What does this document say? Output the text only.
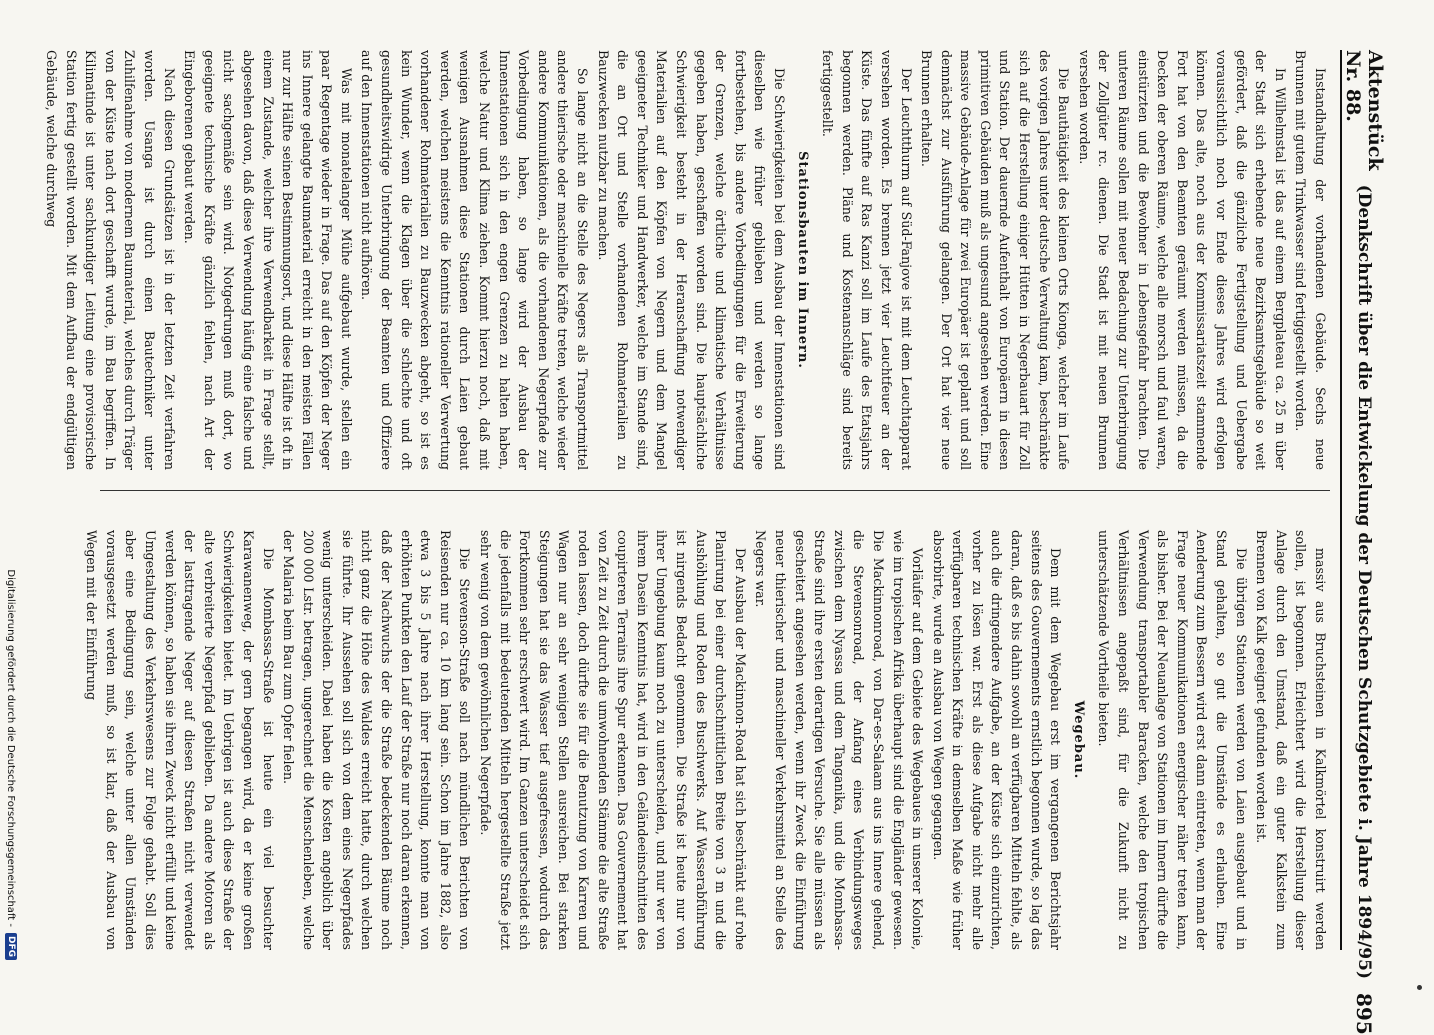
Aktenstück Nr. 88.
(Denkschrift über die Entwickelung der Deutschen Schutzgebiete i. Jahre 1894/95)
895

Instandhaltung der vorhandenen Gebäude. Sechs neue Brunnen mit gutem Trinkwasser sind fertiggestellt worden.

In Wilhelmstal ist das auf einem Bergplateau ca. 25 m über der Stadt sich erhebende neue Bezirksamtsgebäude so weit gefördert, daß die gänzliche Fertigstellung und Uebergabe voraussichtlich noch vor Ende dieses Jahres wird erfolgen können. Das alte, noch aus der Kommissariatszeit stammende Fort hat von den Beamten geräumt werden müssen, da die Decken der oberen Räume, welche alle morsch und faul waren, einstürzten und die Bewohner in Lebensgefahr brachten. Die unteren Räume sollen mit neuer Bedachung zur Unterbringung der Zollgüter rc. dienen. Die Stadt ist mit neuen Brunnen versehen worden.

Die Bauthätigkeit des kleinen Orts Kionga, welcher im Laufe des vorigen Jahres unter deutsche Verwaltung kam, beschränkte sich auf die Herstellung einiger Hütten in Negerbauart für Zoll und Station. Der dauernde Aufenthalt von Europäern in diesen primitiven Gebäuden muß als ungesund angesehen werden. Eine massive Gebäude-Anlage für zwei Europäer ist geplant und soll demnächst zur Ausführung gelangen. Der Ort hat vier neue Brunnen erhalten.

Der Leuchtthurm auf Süd-Fanjove ist mit dem Leuchtapparat versehen worden. Es brennen jetzt vier Leuchtfeuer an der Küste. Das fünfte auf Ras Kanzi soll im Laufe des Etatsjahrs begonnen werden. Pläne und Kostenanschläge sind bereits fertiggestellt.

Stationsbauten im Innern.

Die Schwierigkeiten bei dem Ausbau der Innenstationen sind dieselben wie früher geblieben und werden so lange fortbestehen, bis andere Vorbedingungen für die Erweiterung der Grenzen, welche örtliche und klimatische Verhältnisse gegeben haben, geschaffen worden sind. Die hauptsächliche Schwierigkeit besteht in der Heranschaffung notwendiger Materialien auf den Köpfen von Negern und dem Mangel geeigneter Techniker und Handwerker, welche im Stande sind, die an Ort und Stelle vorhandenen Rohmaterialien zu Bauzwecken nutzbar zu machen.

So lange nicht an die Stelle des Negers als Transportmittel andere thierische oder maschinelle Kräfte treten, welche wieder andere Kommunikationen, als die vorhandenen Negerpfade zur Vorbedingung haben, so lange wird der Ausbau der Innenstationen sich in den engen Grenzen zu halten haben, welche Natur und Klima ziehen. Kommt hierzu noch, daß mit wenigen Ausnahmen diese Stationen durch Laien gebaut werden, welchen meistens die Kenntnis rationeller Verwertung vorhandener Rohmaterialien zu Bauzwecken abgeht, so ist es kein Wunder, wenn die Klagen über die schlechte und oft gesundheitswidrige Unterbringung der Beamten und Offiziere auf den Innenstationen nicht aufhören.

Was mit monatelanger Mühe aufgebaut wurde, stellen ein paar Regentage wieder in Frage. Das auf den Köpfen der Neger ins Innere gelangte Baumaterial erreicht in den meisten Fällen nur zur Hälfte seinen Bestimmungsort, und diese Hälfte ist oft in einem Zustande, welcher ihre Verwendbarkeit in Frage stellt, abgesehen davon, daß diese Verwendung häufig eine falsche und nicht sachgemäße sein wird. Notgedrungen muß dort, wo geeignete technische Kräfte gänzlich fehlen, nach Art der Eingeborenen gebaut werden.

Nach diesen Grundsätzen ist in der letzten Zeit verfahren worden. Usanga ist durch einen Bautechniker unter Zuhilfenahme von modernem Baumaterial, welches durch Träger von der Küste nach dort geschafft wurde, im Bau begriffen. In Kilimatinde ist unter sachkundiger Leitung eine provisorische Station fertig gestellt worden. Mit dem Aufbau der endgültigen Gebäude, welche durchweg

massiv aus Bruchsteinen in Kalkmörtel konstruirt werden sollen, ist begonnen. Erleichtert wird die Herstellung dieser Anlage durch den Umstand, daß ein guter Kalkstein zum Brennen von Kalk geeignet gefunden worden ist.

Die übrigen Stationen werden von Laien ausgebaut und in Stand gehalten, so gut die Umstände es erlauben. Eine Aenderung zum Bessern wird erst dann eintreten, wenn man der Frage neuer Kommunikationen energischer näher treten kann, als bisher. Bei der Neuanlage von Stationen im Innern dürfte die Verwendung transportabler Baracken, welche den tropischen Verhältnissen angepaßt sind, für die Zukunft nicht zu unterschätzende Vortheile bieten.

Wegebau.

Dem mit dem Wegebau erst im vergangenen Berichtsjahr seitens des Gouvernements ernstlich begonnen wurde, so lag das daran, daß es bis dahin sowohl an verfügbaren Mitteln fehlte, als auch die dringendere Aufgabe, an der Küste sich einzurichten, vorher zu lösen war. Erst als diese Aufgabe nicht mehr alle verfügbaren technischen Kräfte in demselben Maße wie früher absorbirte, wurde an Ausbau von Wegen gegangen.

Vorläufer auf dem Gebiete des Wegebaues in unserer Kolonie, wie im tropischen Afrika überhaupt sind die Engländer gewesen. Die Mackinnonroad, von Dar-es-Salaam aus ins Innere gehend, die Stevensonroad, der Anfang eines Verbindungsweges zwischen dem Nyassa und dem Tanganika, und die Mombassa-Straße sind ihre ersten derartigen Versuche. Sie alle müssen als gescheitert angesehen werden, wenn ihr Zweck die Einführung neuer thierischer und maschineller Verkehrsmittel an Stelle des Negers war.

Der Ausbau der Mackinnon-Road hat sich beschränkt auf rohe Planirung bei einer durchschnittlichen Breite von 3 m und die Aushöhlung und Roden des Buschwerks. Auf Wasserabführung ist nirgends Bedacht genommen. Die Straße ist heute nur von ihrer Umgebung kaum noch zu unterscheiden, und nur wer von ihrem Dasein Kenntnis hat, wird in den Geländeeinschnitten des coupirteren Terrains ihre Spur erkennen. Das Gouvernement hat von Zeit zu Zeit durch die umwohnenden Stämme die alte Straße roden lassen, doch dürfte sie für die Benutzung von Karren und Wagen nur an sehr wenigen Stellen ausreichen. Bei starken Steigungen hat sie das Wasser tief ausgefressen, wodurch das Fortkommen sehr erschwert wird. Im Ganzen unterscheidet sich die jedenfalls mit bedeutenden Mitteln hergestellte Straße jetzt sehr wenig von dem gewöhnlichen Negerpfade.

Die Stevenson-Straße soll nach mündlichen Berichten von Reisenden nur ca. 10 km lang sein. Schon im Jahre 1882, also etwa 3 bis 5 Jahre nach ihrer Herstellung, konnte man von erhöhten Punkten den Lauf der Straße nur noch daran erkennen, daß der Nachwuchs der die Straße bedeckenden Bäume noch nicht ganz die Höhe des Waldes erreicht hatte, durch welchen sie führte. Ihr Aussehen soll sich von dem eines Negerpfades wenig unterscheiden. Dabei haben die Kosten angeblich über 200 000 Lstr. betragen, ungerechnet die Menschenleben, welche der Malaria beim Bau zum Opfer fielen.

Die Mombassa-Straße ist heute ein viel besuchter Karawanenweg, der gern begangen wird, da er keine großen Schwierigkeiten bietet. Im Uebrigen ist auch diese Straße der alte verbreiterte Negerpfad geblieben. Da andere Motoren als der lasttragende Neger auf diesen Straßen nicht verwendet werden können, so haben sie ihren Zweck nicht erfüllt und keine Umgestaltung des Verkehrswesens zur Folge gehabt. Soll dies aber eine Bedingung sein, welche unter allen Umständen vorausgesetzt werden muß, so ist klar, daß der Ausbau von Wegen mit der Einführung

Digitalisierung gefördert durch die Deutsche Forschungsgemeinschaft -
DFG
